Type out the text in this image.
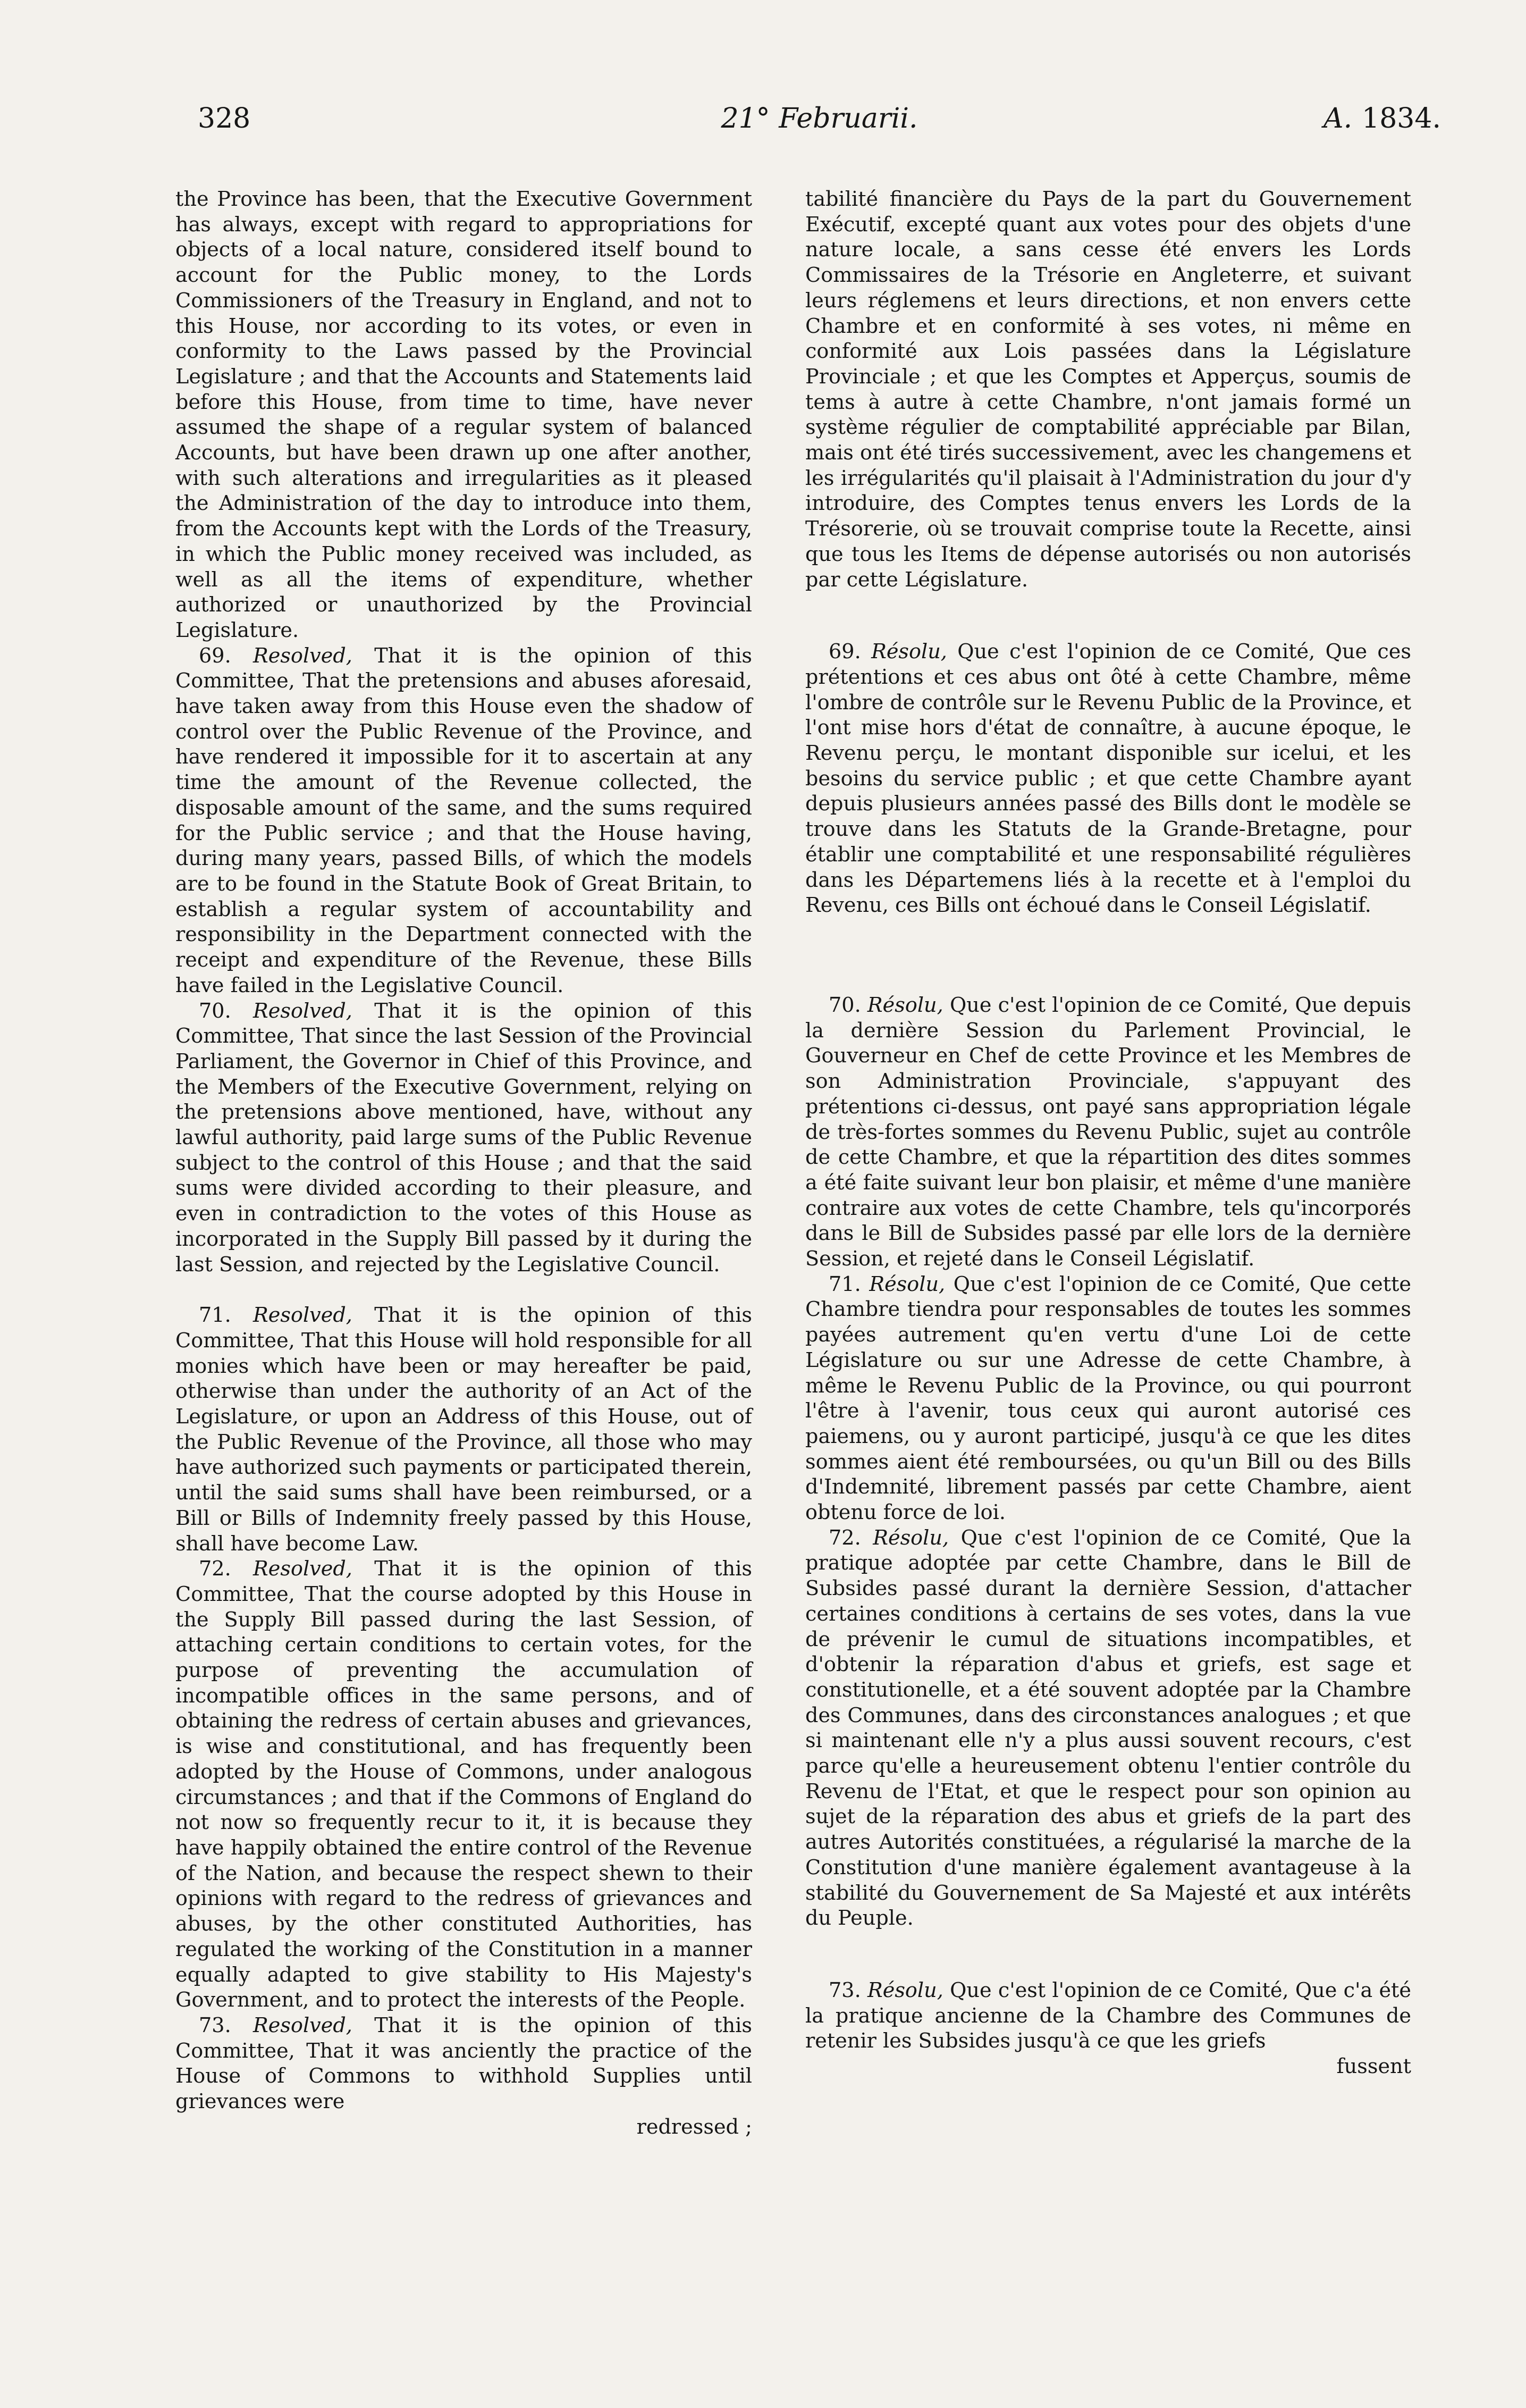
328	21° Februarii.	A. 1834.

the Province has been, that the Executive Government has always, except with regard to appropriations for objects of a local nature, considered itself bound to account for the Public money, to the Lords Commissioners of the Treasury in England, and not to this House, nor according to its votes, or even in conformity to the Laws passed by the Provincial Legislature ; and that the Accounts and Statements laid before this House, from time to time, have never assumed the shape of a regular system of balanced Accounts, but have been drawn up one after another, with such alterations and irregularities as it pleased the Administration of the day to introduce into them, from the Accounts kept with the Lords of the Treasury, in which the Public money received was included, as well as all the items of expenditure, whether authorized or unauthorized by the Provincial Legislature.

69. Resolved, That it is the opinion of this Committee, That the pretensions and abuses aforesaid, have taken away from this House even the shadow of control over the Public Revenue of the Province, and have rendered it impossible for it to ascertain at any time the amount of the Revenue collected, the disposable amount of the same, and the sums required for the Public service ; and that the House having, during many years, passed Bills, of which the models are to be found in the Statute Book of Great Britain, to establish a regular system of accountability and responsibility in the Department connected with the receipt and expenditure of the Revenue, these Bills have failed in the Legislative Council.

70. Resolved, That it is the opinion of this Committee, That since the last Session of the Provincial Parliament, the Governor in Chief of this Province, and the Members of the Executive Government, relying on the pretensions above mentioned, have, without any lawful authority, paid large sums of the Public Revenue subject to the control of this House ; and that the said sums were divided according to their pleasure, and even in contradiction to the votes of this House as incorporated in the Supply Bill passed by it during the last Session, and rejected by the Legislative Council.

71. Resolved, That it is the opinion of this Committee, That this House will hold responsible for all monies which have been or may hereafter be paid, otherwise than under the authority of an Act of the Legislature, or upon an Address of this House, out of the Public Revenue of the Province, all those who may have authorized such payments or participated therein, until the said sums shall have been reimbursed, or a Bill or Bills of Indemnity freely passed by this House, shall have become Law.

72. Resolved, That it is the opinion of this Committee, That the course adopted by this House in the Supply Bill passed during the last Session, of attaching certain conditions to certain votes, for the purpose of preventing the accumulation of incompatible offices in the same persons, and of obtaining the redress of certain abuses and grievances, is wise and constitutional, and has frequently been adopted by the House of Commons, under analogous circumstances ; and that if the Commons of England do not now so frequently recur to it, it is because they have happily obtained the entire control of the Revenue of the Nation, and because the respect shewn to their opinions with regard to the redress of grievances and abuses, by the other constituted Authorities, has regulated the working of the Constitution in a manner equally adapted to give stability to His Majesty's Government, and to protect the interests of the People.

73. Resolved, That it is the opinion of this Committee, That it was anciently the practice of the House of Commons to withhold Supplies until grievances were
redressed ;

tabilité financière du Pays de la part du Gouvernement Exécutif, excepté quant aux votes pour des objets d'une nature locale, a sans cesse été envers les Lords Commissaires de la Trésorie en Angleterre, et suivant leurs réglemens et leurs directions, et non envers cette Chambre et en conformité à ses votes, ni même en conformité aux Lois passées dans la Législature Provinciale ; et que les Comptes et Apperçus, soumis de tems à autre à cette Chambre, n'ont jamais formé un système régulier de comptabilité appréciable par Bilan, mais ont été tirés successivement, avec les changemens et les irrégularités qu'il plaisait à l'Administration du jour d'y introduire, des Comptes tenus envers les Lords de la Trésorerie, où se trouvait comprise toute la Recette, ainsi que tous les Items de dépense autorisés ou non autorisés par cette Législature.

69. Résolu, Que c'est l'opinion de ce Comité, Que ces prétentions et ces abus ont ôté à cette Chambre, même l'ombre de contrôle sur le Revenu Public de la Province, et l'ont mise hors d'état de connaître, à aucune époque, le Revenu perçu, le montant disponible sur icelui, et les besoins du service public ; et que cette Chambre ayant depuis plusieurs années passé des Bills dont le modèle se trouve dans les Statuts de la Grande-Bretagne, pour établir une comptabilité et une responsabilité régulières dans les Départemens liés à la recette et à l'emploi du Revenu, ces Bills ont échoué dans le Conseil Législatif.

70. Résolu, Que c'est l'opinion de ce Comité, Que depuis la dernière Session du Parlement Provincial, le Gouverneur en Chef de cette Province et les Membres de son Administration Provinciale, s'appuyant des prétentions ci-dessus, ont payé sans appropriation légale de très-fortes sommes du Revenu Public, sujet au contrôle de cette Chambre, et que la répartition des dites sommes a été faite suivant leur bon plaisir, et même d'une manière contraire aux votes de cette Chambre, tels qu'incorporés dans le Bill de Subsides passé par elle lors de la dernière Session, et rejeté dans le Conseil Législatif.

71. Résolu, Que c'est l'opinion de ce Comité, Que cette Chambre tiendra pour responsables de toutes les sommes payées autrement qu'en vertu d'une Loi de cette Législature ou sur une Adresse de cette Chambre, à même le Revenu Public de la Province, ou qui pourront l'être à l'avenir, tous ceux qui auront autorisé ces paiemens, ou y auront participé, jusqu'à ce que les dites sommes aient été remboursées, ou qu'un Bill ou des Bills d'Indemnité, librement passés par cette Chambre, aient obtenu force de loi.

72. Résolu, Que c'est l'opinion de ce Comité, Que la pratique adoptée par cette Chambre, dans le Bill de Subsides passé durant la dernière Session, d'attacher certaines conditions à certains de ses votes, dans la vue de prévenir le cumul de situations incompatibles, et d'obtenir la réparation d'abus et griefs, est sage et constitutionelle, et a été souvent adoptée par la Chambre des Communes, dans des circonstances analogues ; et que si maintenant elle n'y a plus aussi souvent recours, c'est parce qu'elle a heureusement obtenu l'entier contrôle du Revenu de l'Etat, et que le respect pour son opinion au sujet de la réparation des abus et griefs de la part des autres Autorités constituées, a régularisé la marche de la Constitution d'une manière également avantageuse à la stabilité du Gouvernement de Sa Majesté et aux intérêts du Peuple.

73. Résolu, Que c'est l'opinion de ce Comité, Que c'a été la pratique ancienne de la Chambre des Communes de retenir les Subsides jusqu'à ce que les griefs
fussent
